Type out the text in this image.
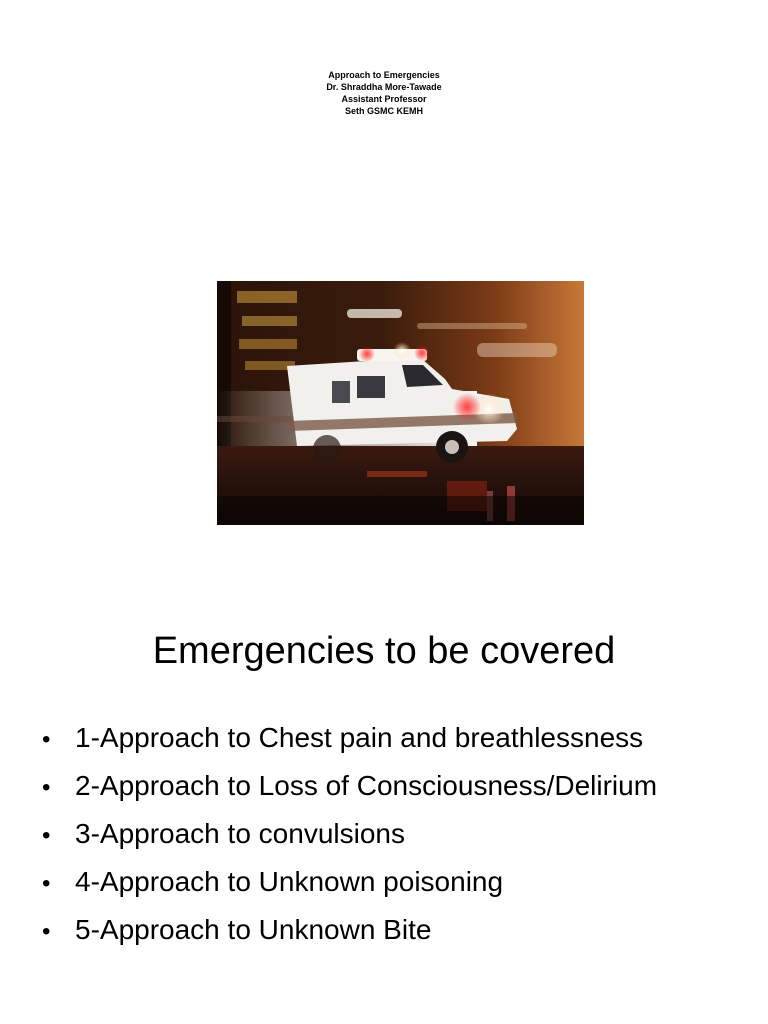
Approach to Emergencies
Dr. Shraddha More-Tawade
Assistant Professor
Seth GSMC KEMH
Emergencies to be covered
• 1-Approach to Chest pain and breathlessness
• 2-Approach to Loss of Consciousness/Delirium
• 3-Approach to convulsions
• 4-Approach to Unknown poisoning
• 5-Approach to Unknown Bite
